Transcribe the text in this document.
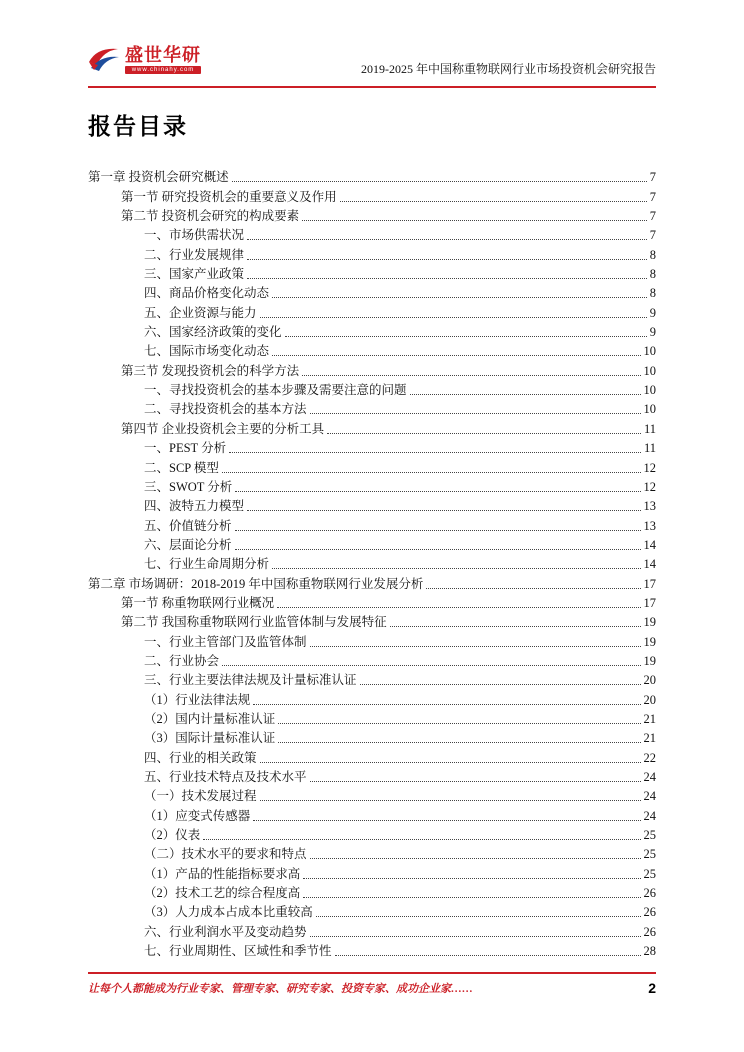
盛世华研
www.chinahy.com	2019-2025 年中国称重物联网行业市场投资机会研究报告
报告目录
第一章 投资机会研究概述	7
第一节 研究投资机会的重要意义及作用	7
第二节 投资机会研究的构成要素	7
一、市场供需状况	7
二、行业发展规律	8
三、国家产业政策	8
四、商品价格变化动态	8
五、企业资源与能力	9
六、国家经济政策的变化	9
七、国际市场变化动态	10
第三节 发现投资机会的科学方法	10
一、寻找投资机会的基本步骤及需要注意的问题	10
二、寻找投资机会的基本方法	10
第四节 企业投资机会主要的分析工具	11
一、PEST 分析	11
二、SCP 模型	12
三、SWOT 分析	12
四、波特五力模型	13
五、价值链分析	13
六、层面论分析	14
七、行业生命周期分析	14
第二章 市场调研：2018-2019 年中国称重物联网行业发展分析	17
第一节 称重物联网行业概况	17
第二节 我国称重物联网行业监管体制与发展特征	19
一、行业主管部门及监管体制	19
二、行业协会	19
三、行业主要法律法规及计量标准认证	20
（1）行业法律法规	20
（2）国内计量标准认证	21
（3）国际计量标准认证	21
四、行业的相关政策	22
五、行业技术特点及技术水平	24
（一）技术发展过程	24
（1）应变式传感器	24
（2）仪表	25
（二）技术水平的要求和特点	25
（1）产品的性能指标要求高	25
（2）技术工艺的综合程度高	26
（3）人力成本占成本比重较高	26
六、行业利润水平及变动趋势	26
七、行业周期性、区域性和季节性	28
让每个人都能成为行业专家、管理专家、研究专家、投资专家、成功企业家……	2
